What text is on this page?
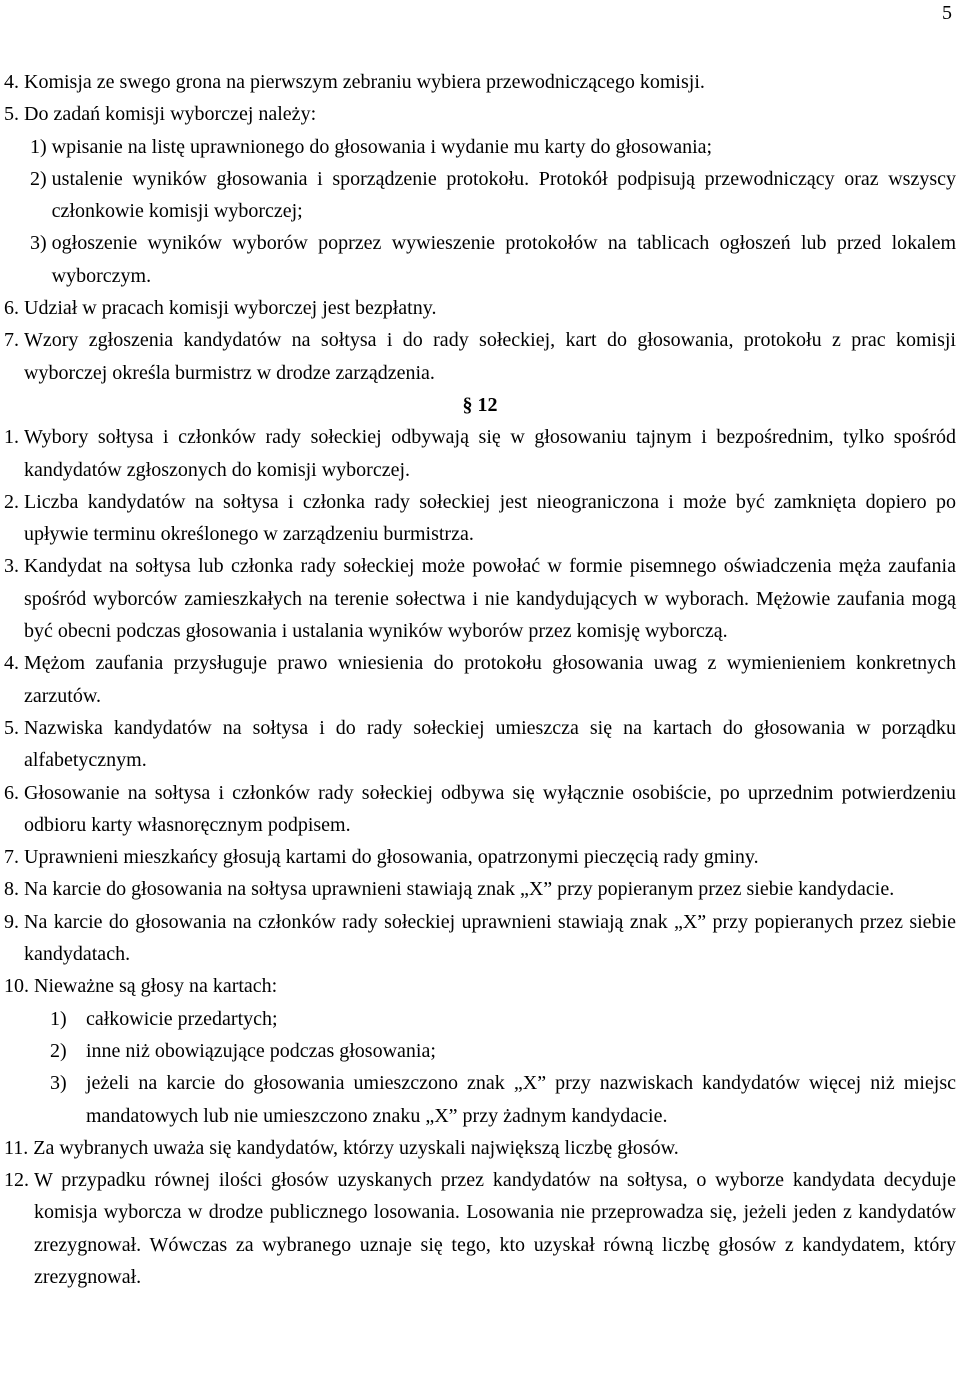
5
4. Komisja ze swego grona na pierwszym zebraniu wybiera przewodniczącego komisji.
5. Do zadań komisji wyborczej należy:
1) wpisanie na listę uprawnionego do głosowania i wydanie mu karty do głosowania;
2) ustalenie wyników głosowania i sporządzenie protokołu. Protokół podpisują przewodniczący oraz wszyscy członkowie komisji wyborczej;
3) ogłoszenie wyników wyborów poprzez wywieszenie protokołów na tablicach ogłoszeń lub przed lokalem wyborczym.
6. Udział w pracach komisji wyborczej jest bezpłatny.
7. Wzory zgłoszenia kandydatów na sołtysa i do rady sołeckiej, kart do głosowania, protokołu z prac komisji wyborczej określa burmistrz w drodze zarządzenia.
§ 12
1. Wybory sołtysa i członków rady sołeckiej odbywają się w głosowaniu tajnym i bezpośrednim, tylko spośród kandydatów zgłoszonych do komisji wyborczej.
2. Liczba kandydatów na sołtysa i członka rady sołeckiej jest nieograniczona i może być zamknięta dopiero po upływie terminu określonego w zarządzeniu burmistrza.
3. Kandydat na sołtysa lub członka rady sołeckiej może powołać w formie pisemnego oświadczenia męża zaufania spośród wyborców zamieszkałych na terenie sołectwa i nie kandydujących w wyborach. Mężowie zaufania mogą być obecni podczas głosowania i ustalania wyników wyborów przez komisję wyborczą.
4. Mężom zaufania przysługuje prawo wniesienia do protokołu głosowania uwag z wymienieniem konkretnych zarzutów.
5. Nazwiska kandydatów na sołtysa i do rady sołeckiej umieszcza się na kartach do głosowania w porządku alfabetycznym.
6. Głosowanie na sołtysa i członków rady sołeckiej odbywa się wyłącznie osobiście, po uprzednim potwierdzeniu odbioru karty własnoręcznym podpisem.
7. Uprawnieni mieszkańcy głosują kartami do głosowania, opatrzonymi pieczęcią rady gminy.
8. Na karcie do głosowania na sołtysa uprawnieni stawiają znak „X” przy popieranym przez siebie kandydacie.
9. Na karcie do głosowania na członków rady sołeckiej uprawnieni stawiają znak „X” przy popieranych przez siebie kandydatach.
10. Nieważne są głosy na kartach:
1) całkowicie przedartych;
2) inne niż obowiązujące podczas głosowania;
3) jeżeli na karcie do głosowania umieszczono znak „X” przy nazwiskach kandydatów więcej niż miejsc mandatowych lub nie umieszczono znaku „X” przy żadnym kandydacie.
11. Za wybranych uważa się kandydatów, którzy uzyskali największą liczbę głosów.
12. W przypadku równej ilości głosów uzyskanych przez kandydatów na sołtysa, o wyborze kandydata decyduje komisja wyborcza w drodze publicznego losowania. Losowania nie przeprowadza się, jeżeli jeden z kandydatów zrezygnował. Wówczas za wybranego uznaje się tego, kto uzyskał równą liczbę głosów z kandydatem, który zrezygnował.
